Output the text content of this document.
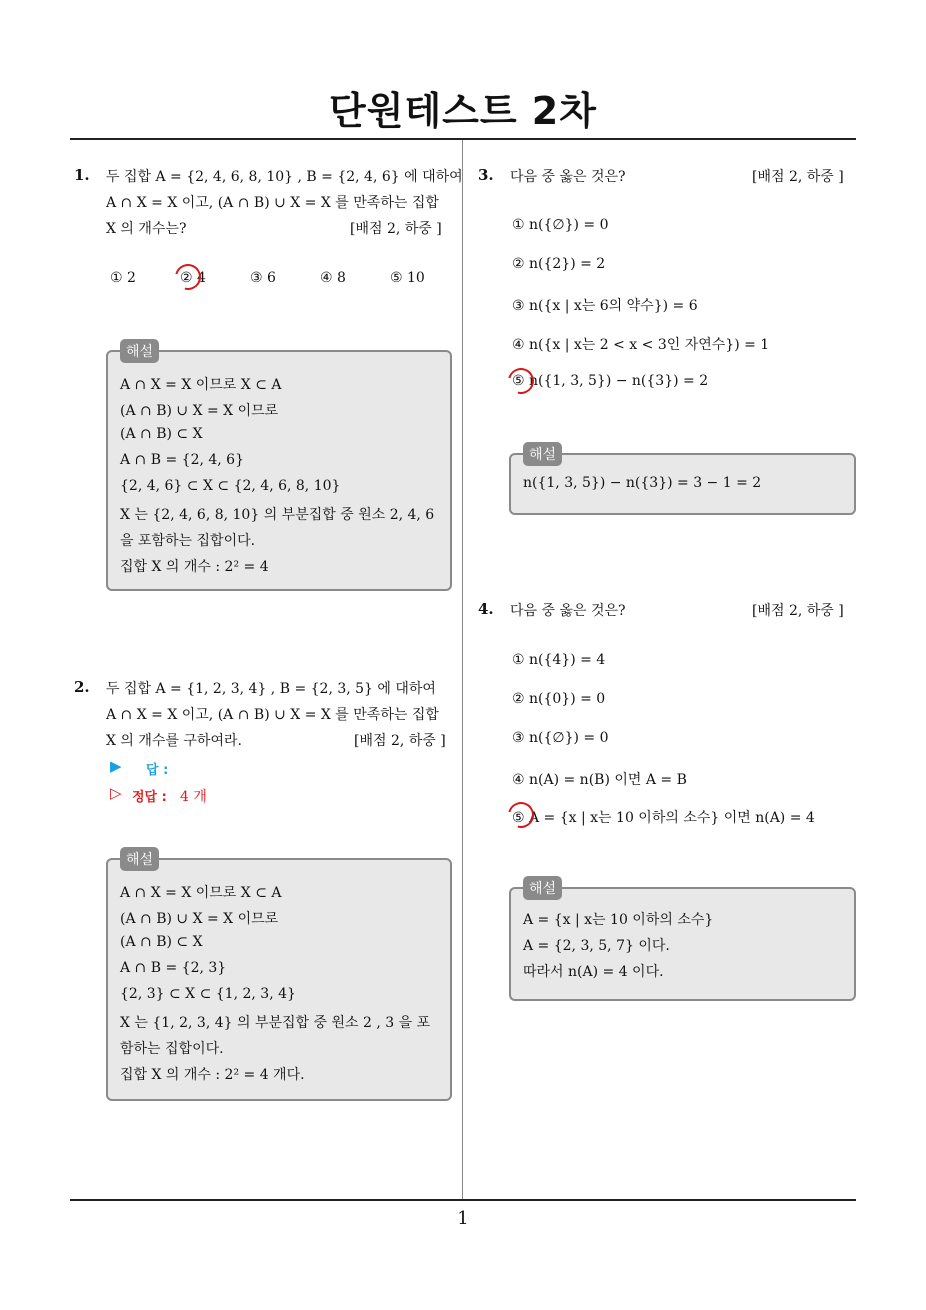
단원테스트 2차
1. 두 집합 A = {2, 4, 6, 8, 10} , B = {2, 4, 6} 에 대하여
A ∩ X = X 이고, (A ∩ B) ∪ X = X 를 만족하는 집합
X 의 개수는?	[배점 2, 하중 ]
① 2	② 4	③ 6	④ 8	⑤ 10
해설
A ∩ X = X 이므로 X ⊂ A
(A ∩ B) ∪ X = X 이므로
(A ∩ B) ⊂ X
A ∩ B = {2, 4, 6}
{2, 4, 6} ⊂ X ⊂ {2, 4, 6, 8, 10}
X 는 {2, 4, 6, 8, 10} 의 부분집합 중 원소 2, 4, 6
을 포함하는 집합이다.
집합 X 의 개수 : 2² = 4
2. 두 집합 A = {1, 2, 3, 4} , B = {2, 3, 5} 에 대하여
A ∩ X = X 이고, (A ∩ B) ∪ X = X 를 만족하는 집합
X 의 개수를 구하여라.	[배점 2, 하중 ]
▶ 답 :
▷ 정답 : 4 개
해설
A ∩ X = X 이므로 X ⊂ A
(A ∩ B) ∪ X = X 이므로
(A ∩ B) ⊂ X
A ∩ B = {2, 3}
{2, 3} ⊂ X ⊂ {1, 2, 3, 4}
X 는 {1, 2, 3, 4} 의 부분집합 중 원소 2 , 3 을 포
함하는 집합이다.
집합 X 의 개수 : 2² = 4 개다.
3. 다음 중 옳은 것은?	[배점 2, 하중 ]
① n({∅}) = 0
② n({2}) = 2
③ n({x | x는 6의 약수}) = 6
④ n({x | x는 2 < x < 3인 자연수}) = 1
⑤ n({1, 3, 5}) − n({3}) = 2
해설
n({1, 3, 5}) − n({3}) = 3 − 1 = 2
4. 다음 중 옳은 것은?	[배점 2, 하중 ]
① n({4}) = 4
② n({0}) = 0
③ n({∅}) = 0
④ n(A) = n(B) 이면 A = B
⑤ A = {x | x는 10 이하의 소수} 이면 n(A) = 4
해설
A = {x | x는 10 이하의 소수}
A = {2, 3, 5, 7} 이다.
따라서 n(A) = 4 이다.
1
